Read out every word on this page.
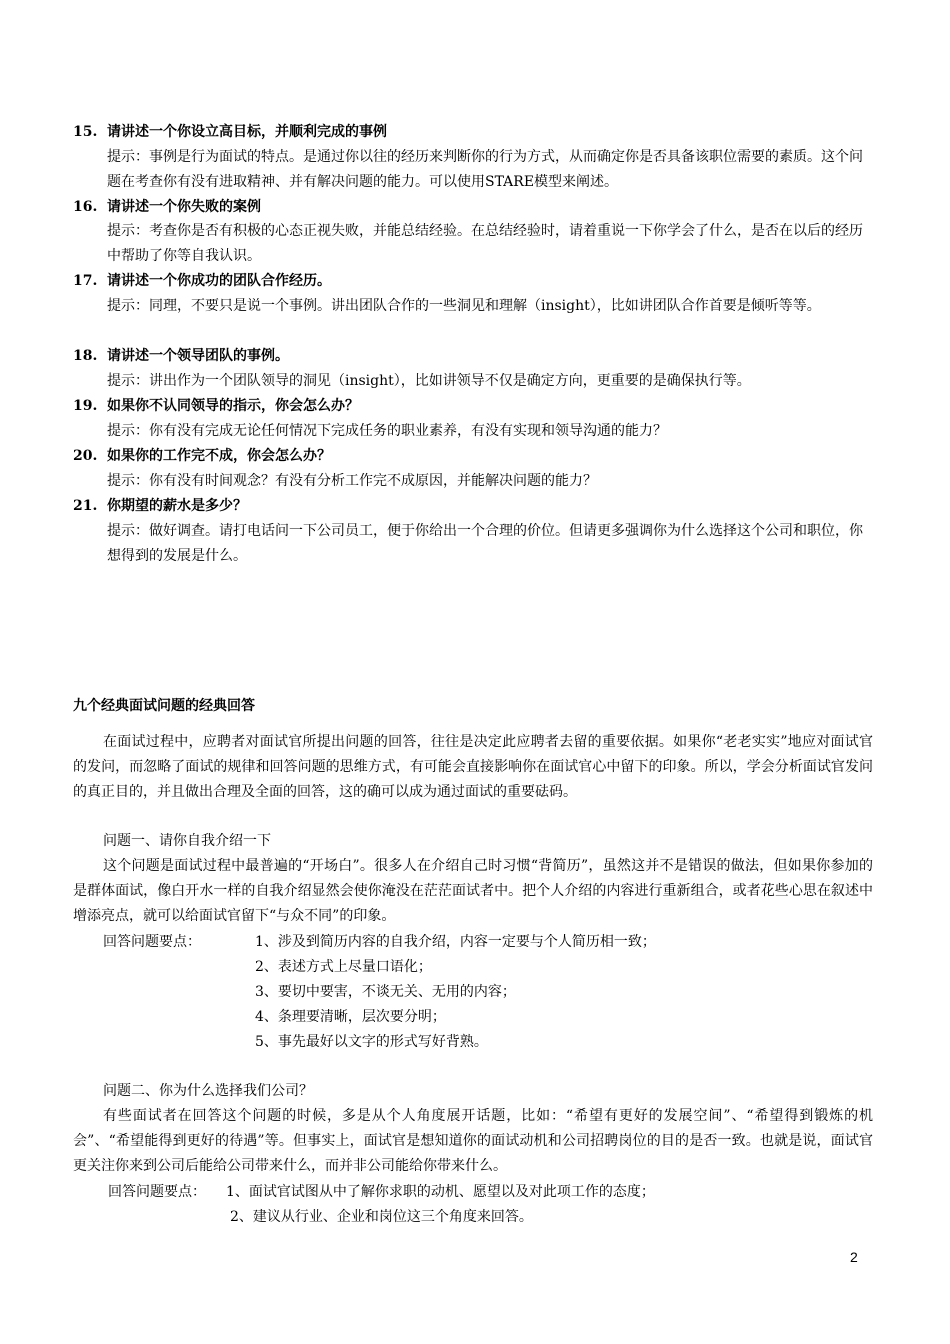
15. 请讲述一个你设立高目标，并顺利完成的事例
提示：事例是行为面试的特点。是通过你以往的经历来判断你的行为方式，从而确定你是否具备该职位需要的素质。这个问题在考查你有没有进取精神、并有解决问题的能力。可以使用STARE模型来阐述。
16. 请讲述一个你失败的案例
提示：考查你是否有积极的心态正视失败，并能总结经验。在总结经验时，请着重说一下你学会了什么，是否在以后的经历中帮助了你等自我认识。
17. 请讲述一个你成功的团队合作经历。
提示：同理，不要只是说一个事例。讲出团队合作的一些洞见和理解（insight），比如讲团队合作首要是倾听等等。
18. 请讲述一个领导团队的事例。
提示：讲出作为一个团队领导的洞见（insight），比如讲领导不仅是确定方向，更重要的是确保执行等。
19. 如果你不认同领导的指示，你会怎么办？
提示：你有没有完成无论任何情况下完成任务的职业素养，有没有实现和领导沟通的能力？
20. 如果你的工作完不成，你会怎么办？
提示：你有没有时间观念？有没有分析工作完不成原因，并能解决问题的能力？
21. 你期望的薪水是多少？
提示：做好调查。请打电话问一下公司员工，便于你给出一个合理的价位。但请更多强调你为什么选择这个公司和职位，你想得到的发展是什么。
九个经典面试问题的经典回答
在面试过程中，应聘者对面试官所提出问题的回答，往往是决定此应聘者去留的重要依据。如果你“老老实实”地应对面试官的发问，而忽略了面试的规律和回答问题的思维方式，有可能会直接影响你在面试官心中留下的印象。所以，学会分析面试官发问的真正目的，并且做出合理及全面的回答，这的确可以成为通过面试的重要砝码。
问题一、请你自我介绍一下
这个问题是面试过程中最普遍的“开场白”。很多人在介绍自己时习惯“背简历”，虽然这并不是错误的做法，但如果你参加的是群体面试，像白开水一样的自我介绍显然会使你淹没在茫茫面试者中。把个人介绍的内容进行重新组合，或者花些心思在叙述中增添亮点，就可以给面试官留下“与众不同”的印象。
回答问题要点：	1、涉及到简历内容的自我介绍，内容一定要与个人简历相一致；
2、表述方式上尽量口语化；
3、要切中要害，不谈无关、无用的内容；
4、条理要清晰，层次要分明；
5、事先最好以文字的形式写好背熟。
问题二、你为什么选择我们公司？
有些面试者在回答这个问题的时候，多是从个人角度展开话题，比如：“希望有更好的发展空间”、“希望得到锻炼的机会”、“希望能得到更好的待遇”等。但事实上，面试官是想知道你的面试动机和公司招聘岗位的目的是否一致。也就是说，面试官更关注你来到公司后能给公司带来什么，而并非公司能给你带来什么。
回答问题要点： 1、面试官试图从中了解你求职的动机、愿望以及对此项工作的态度；
2、建议从行业、企业和岗位这三个角度来回答。
2
